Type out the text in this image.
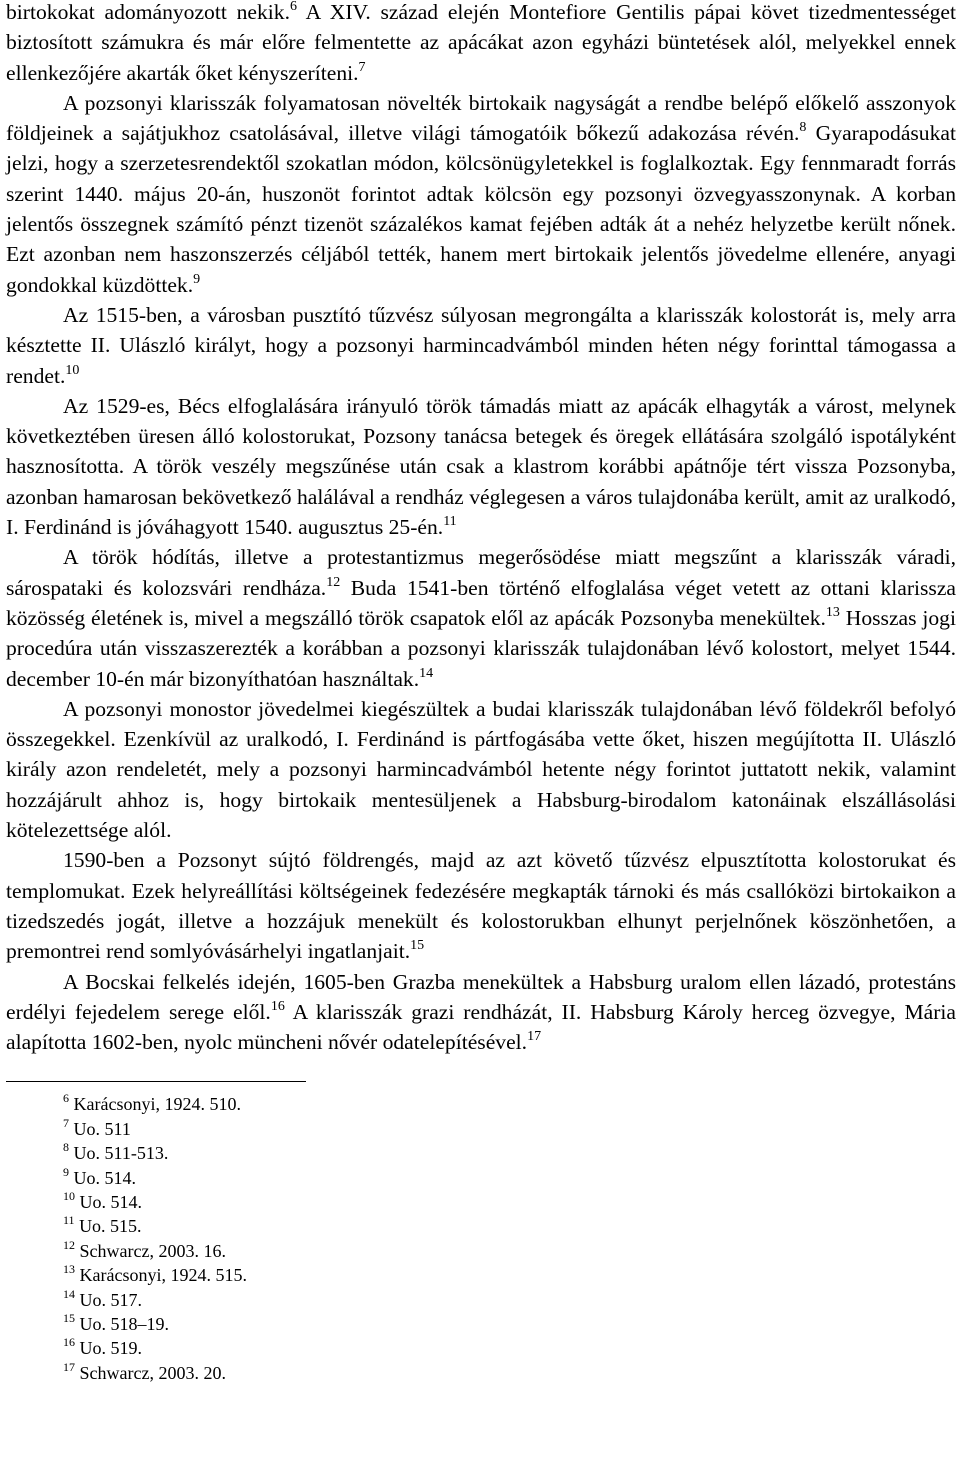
birtokokat adományozott nekik.$^6$ A XIV. század elején Montefiore Gentilis pápai követ tizedmentességet biztosított számukra és már előre felmentette az apácákat azon egyházi büntetések alól, melyekkel ennek ellenkezőjére akarták őket kényszeríteni.$^7$

A pozsonyi klarisszák folyamatosan növelték birtokaik nagyságát a rendbe belépő előkelő asszonyok földjeinek a sajátjukhoz csatolásával, illetve világi támogatóik bőkezű adakozása révén.$^8$ Gyarapodásukat jelzi, hogy a szerzetesrendektől szokatlan módon, kölcsönügyletekkel is foglalkoztak. Egy fennmaradt forrás szerint 1440. május 20-án, huszonöt forintot adtak kölcsön egy pozsonyi özvegyasszonynak. A korban jelentős összegnek számító pénzt tizenöt százalékos kamat fejében adták át a nehéz helyzetbe került nőnek. Ezt azonban nem haszonszerzés céljából tették, hanem mert birtokaik jelentős jövedelme ellenére, anyagi gondokkal küzdöttek.$^9$

Az 1515-ben, a városban pusztító tűzvész súlyosan megrongálta a klarisszák kolostorát is, mely arra késztette II. Ulászló királyt, hogy a pozsonyi harmincadvámból minden héten négy forinttal támogassa a rendet.$^{10}$

Az 1529-es, Bécs elfoglalására irányuló török támadás miatt az apácák elhagyták a várost, melynek következtében üresen álló kolostorukat, Pozsony tanácsa betegek és öregek ellátására szolgáló ispotályként hasznosította. A török veszély megszűnése után csak a klastrom korábbi apátnője tért vissza Pozsonyba, azonban hamarosan bekövetkező halálával a rendház véglegesen a város tulajdonába került, amit az uralkodó, I. Ferdinánd is jóváhagyott 1540. augusztus 25-én.$^{11}$

A török hódítás, illetve a protestantizmus megerősödése miatt megszűnt a klarisszák váradi, sárospataki és kolozsvári rendháza.$^{12}$ Buda 1541-ben történő elfoglalása véget vetett az ottani klarissza közösség életének is, mivel a megszálló török csapatok elől az apácák Pozsonyba menekültek.$^{13}$ Hosszas jogi procedúra után visszaszerezték a korábban a pozsonyi klarisszák tulajdonában lévő kolostort, melyet 1544. december 10-én már bizonyíthatóan használtak.$^{14}$

A pozsonyi monostor jövedelmei kiegészültek a budai klarisszák tulajdonában lévő földekről befolyó összegekkel. Ezenkívül az uralkodó, I. Ferdinánd is pártfogásába vette őket, hiszen megújította II. Ulászló király azon rendeletét, mely a pozsonyi harmincadvámból hetente négy forintot juttatott nekik, valamint hozzájárult ahhoz is, hogy birtokaik mentesüljenek a Habsburg-birodalom katonáinak elszállásolási kötelezettsége alól.

1590-ben a Pozsonyt sújtó földrengés, majd az azt követő tűzvész elpusztította kolostorukat és templomukat. Ezek helyreállítási költségeinek fedezésére megkapták tárnoki és más csallóközi birtokaikon a tizedszedés jogát, illetve a hozzájuk menekült és kolostorukban elhunyt perjelnőnek köszönhetően, a premontrei rend somlyóvásárhelyi ingatlanjait.$^{15}$

A Bocskai felkelés idején, 1605-ben Grazba menekültek a Habsburg uralom ellen lázadó, protestáns erdélyi fejedelem serege elől.$^{16}$ A klarisszák grazi rendházát, II. Habsburg Károly herceg özvegye, Mária alapította 1602-ben, nyolc müncheni nővér odatelepítésével.$^{17}$

$^6$ Karácsonyi, 1924. 510.
$^7$ Uo. 511
$^8$ Uo. 511-513.
$^9$ Uo. 514.
$^{10}$ Uo. 514.
$^{11}$ Uo. 515.
$^{12}$ Schwarcz, 2003. 16.
$^{13}$ Karácsonyi, 1924. 515.
$^{14}$ Uo. 517.
$^{15}$ Uo. 518–19.
$^{16}$ Uo. 519.
$^{17}$ Schwarcz, 2003. 20.
